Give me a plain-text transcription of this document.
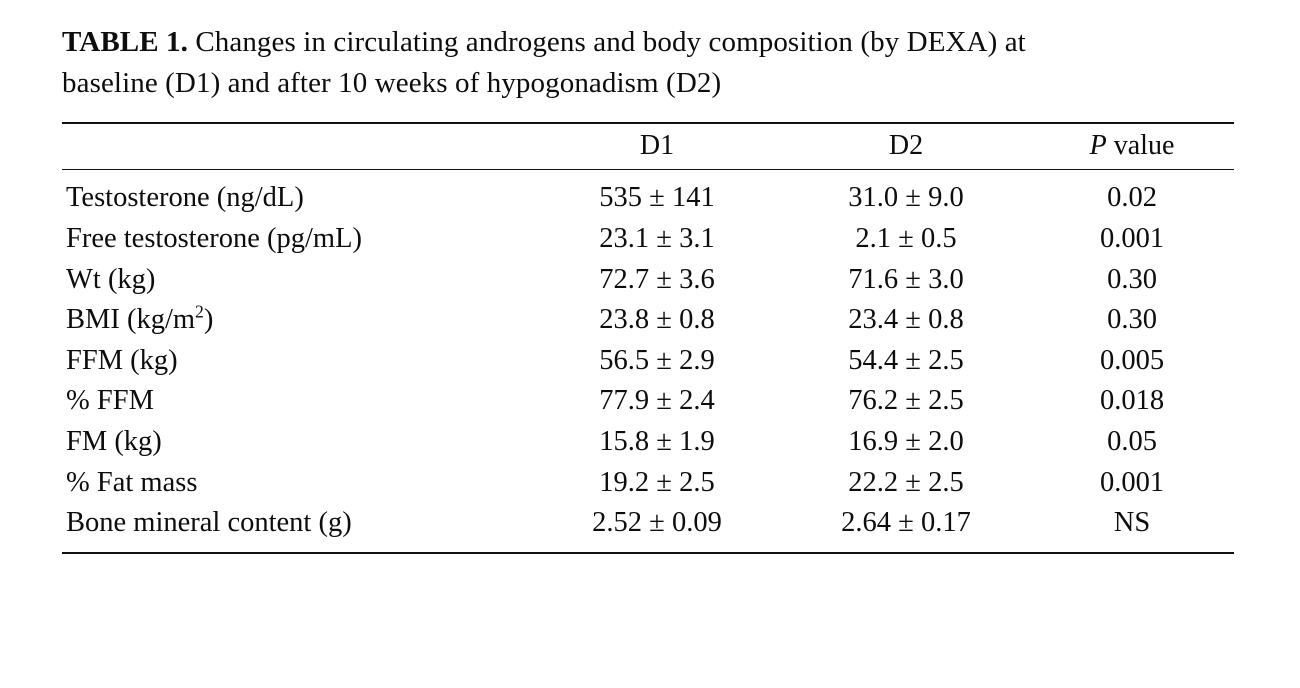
TABLE 1. Changes in circulating androgens and body composition (by DEXA) at baseline (D1) and after 10 weeks of hypogonadism (D2)

	D1	D2	P value
Testosterone (ng/dL)	535 ± 141	31.0 ± 9.0	0.02
Free testosterone (pg/mL)	23.1 ± 3.1	2.1 ± 0.5	0.001
Wt (kg)	72.7 ± 3.6	71.6 ± 3.0	0.30
BMI $(kg/m^2)$	23.8 ± 0.8	23.4 ± 0.8	0.30
FFM (kg)	56.5 ± 2.9	54.4 ± 2.5	0.005
% FFM	77.9 ± 2.4	76.2 ± 2.5	0.018
FM (kg)	15.8 ± 1.9	16.9 ± 2.0	0.05
% Fat mass	19.2 ± 2.5	22.2 ± 2.5	0.001
Bone mineral content (g)	2.52 ± 0.09	2.64 ± 0.17	NS
